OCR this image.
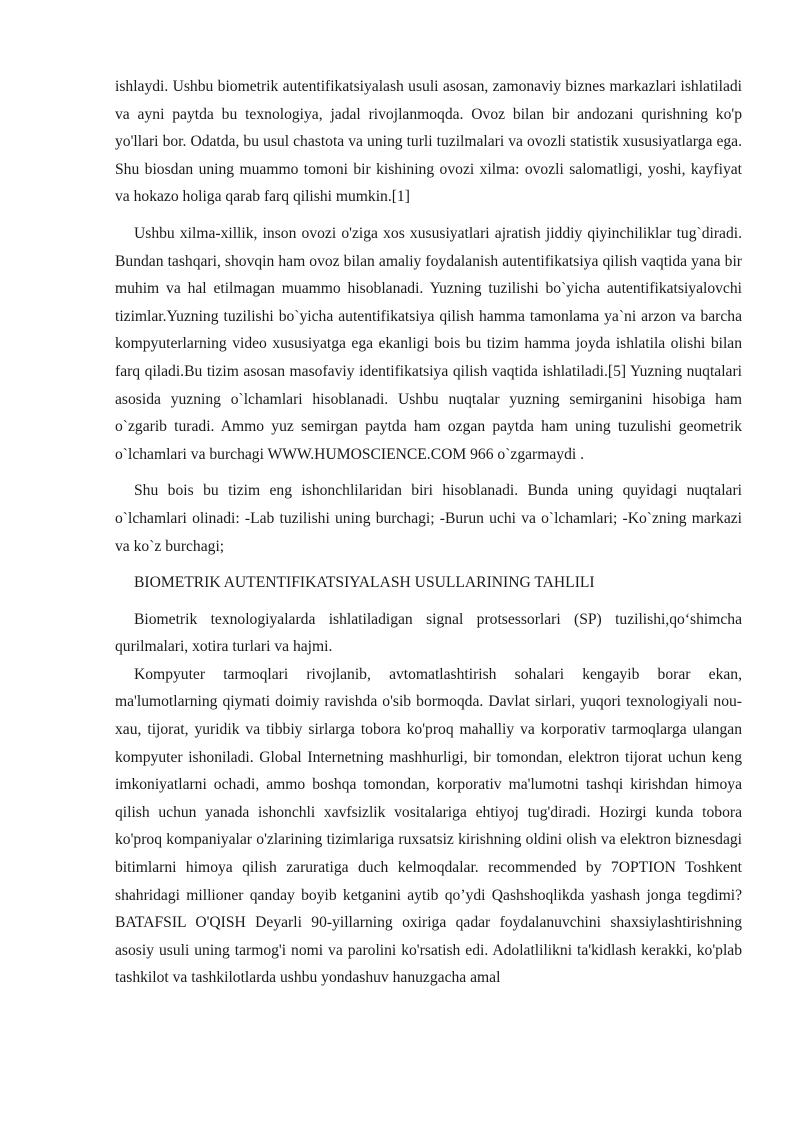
ishlaydi. Ushbu biometrik autentifikatsiyalash usuli asosan, zamonaviy biznes markazlari ishlatiladi va ayni paytda bu texnologiya, jadal rivojlanmoqda. Ovoz bilan bir andozani qurishning ko'p yo'llari bor. Odatda, bu usul chastota va uning turli tuzilmalari va ovozli statistik xususiyatlarga ega. Shu biosdan uning muammo tomoni bir kishining ovozi xilma: ovozli salomatligi, yoshi, kayfiyat va hokazo holiga qarab farq qilishi mumkin.[1]

Ushbu xilma-xillik, inson ovozi o'ziga xos xususiyatlari ajratish jiddiy qiyinchiliklar tug`diradi. Bundan tashqari, shovqin ham ovoz bilan amaliy foydalanish autentifikatsiya qilish vaqtida yana bir muhim va hal etilmagan muammo hisoblanadi. Yuzning tuzilishi bo`yicha autentifikatsiyalovchi tizimlar.Yuzning tuzilishi bo`yicha autentifikatsiya qilish hamma tamonlama ya`ni arzon va barcha kompyuterlarning video xususiyatga ega ekanligi bois bu tizim hamma joyda ishlatila olishi bilan farq qiladi.Bu tizim asosan masofaviy identifikatsiya qilish vaqtida ishlatiladi.[5] Yuzning nuqtalari asosida yuzning o`lchamlari hisoblanadi. Ushbu nuqtalar yuzning semirganini hisobiga ham o`zgarib turadi. Ammo yuz semirgan paytda ham ozgan paytda ham uning tuzulishi geometrik o`lchamlari va burchagi WWW.HUMOSCIENCE.COM 966 o`zgarmaydi .

Shu bois bu tizim eng ishonchlilaridan biri hisoblanadi. Bunda uning quyidagi nuqtalari o`lchamlari olinadi: -Lab tuzilishi uning burchagi; -Burun uchi va o`lchamlari; -Ko`zning markazi va ko`z burchagi;

BIOMETRIK AUTENTIFIKATSIYALASH USULLARINING TAHLILI

Biometrik texnologiyalarda ishlatiladigan signal protsessorlari (SP) tuzilishi,qo‘shimcha qurilmalari, xotira turlari va hajmi.

Kompyuter tarmoqlari rivojlanib, avtomatlashtirish sohalari kengayib borar ekan, ma'lumotlarning qiymati doimiy ravishda o'sib bormoqda. Davlat sirlari, yuqori texnologiyali nou-xau, tijorat, yuridik va tibbiy sirlarga tobora ko'proq mahalliy va korporativ tarmoqlarga ulangan kompyuter ishoniladi. Global Internetning mashhurligi, bir tomondan, elektron tijorat uchun keng imkoniyatlarni ochadi, ammo boshqa tomondan, korporativ ma'lumotni tashqi kirishdan himoya qilish uchun yanada ishonchli xavfsizlik vositalariga ehtiyoj tug'diradi. Hozirgi kunda tobora ko'proq kompaniyalar o'zlarining tizimlariga ruxsatsiz kirishning oldini olish va elektron biznesdagi bitimlarni himoya qilish zaruratiga duch kelmoqdalar. recommended by 7OPTION Toshkent shahridagi millioner qanday boyib ketganini aytib qo’ydi Qashshoqlikda yashash jonga tegdimi? BATAFSIL O'QISH Deyarli 90-yillarning oxiriga qadar foydalanuvchini shaxsiylashtirishning asosiy usuli uning tarmog'i nomi va parolini ko'rsatish edi. Adolatlilikni ta'kidlash kerakki, ko'plab tashkilot va tashkilotlarda ushbu yondashuv hanuzgacha amal
